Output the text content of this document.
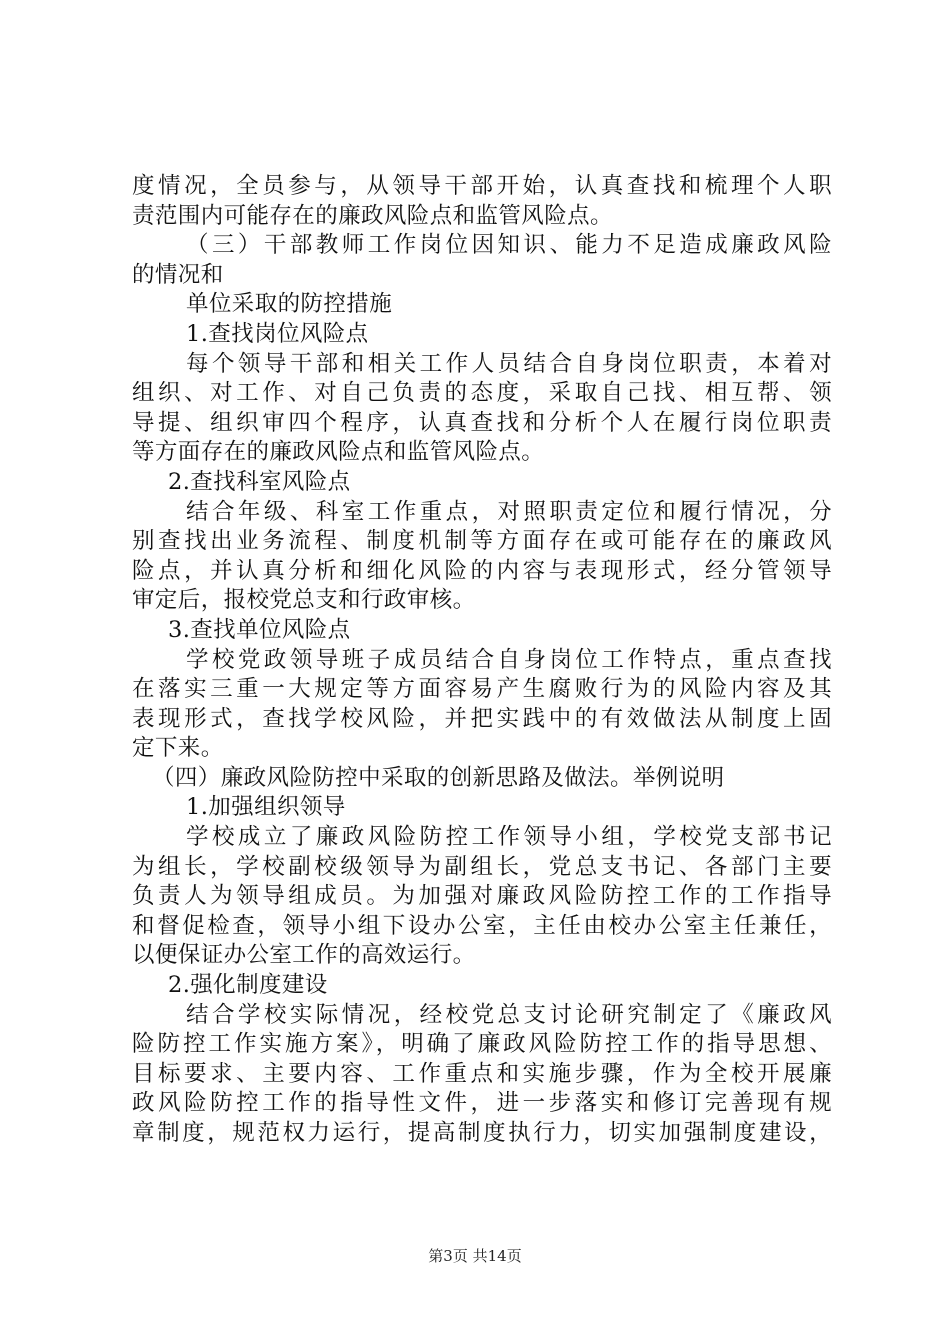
度情况，全员参与，从领导干部开始，认真查找和梳理个人职
责范围内可能存在的廉政风险点和监管风险点。
（三）干部教师工作岗位因知识、能力不足造成廉政风险
的情况和
单位采取的防控措施
1.查找岗位风险点
每个领导干部和相关工作人员结合自身岗位职责，本着对
组织、对工作、对自己负责的态度，采取自己找、相互帮、领
导提、组织审四个程序，认真查找和分析个人在履行岗位职责
等方面存在的廉政风险点和监管风险点。
2.查找科室风险点
结合年级、科室工作重点，对照职责定位和履行情况，分
别查找出业务流程、制度机制等方面存在或可能存在的廉政风
险点，并认真分析和细化风险的内容与表现形式，经分管领导
审定后，报校党总支和行政审核。
3.查找单位风险点
学校党政领导班子成员结合自身岗位工作特点，重点查找
在落实三重一大规定等方面容易产生腐败行为的风险内容及其
表现形式，查找学校风险，并把实践中的有效做法从制度上固
定下来。
（四）廉政风险防控中采取的创新思路及做法。举例说明
1.加强组织领导
学校成立了廉政风险防控工作领导小组，学校党支部书记
为组长，学校副校级领导为副组长，党总支书记、各部门主要
负责人为领导组成员。为加强对廉政风险防控工作的工作指导
和督促检查，领导小组下设办公室，主任由校办公室主任兼任，
以便保证办公室工作的高效运行。
2.强化制度建设
结合学校实际情况，经校党总支讨论研究制定了《廉政风
险防控工作实施方案》，明确了廉政风险防控工作的指导思想、
目标要求、主要内容、工作重点和实施步骤，作为全校开展廉
政风险防控工作的指导性文件，进一步落实和修订完善现有规
章制度，规范权力运行，提高制度执行力，切实加强制度建设，
第3页 共14页
